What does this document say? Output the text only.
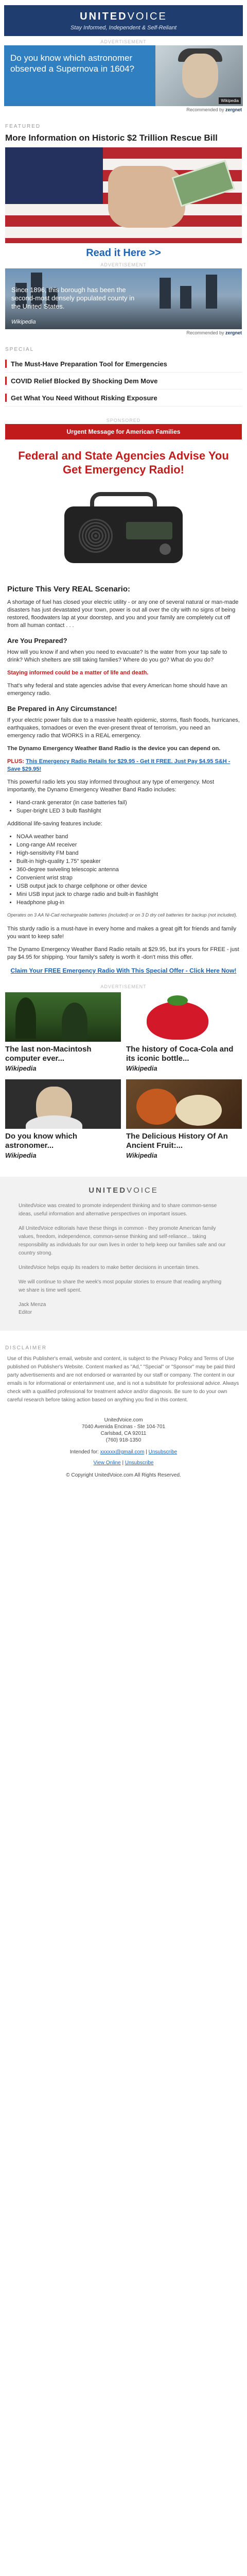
UNITEDVOICE
Stay Informed, Independent & Self-Reliant
ADVERTISEMENT
Do you know which astronomer observed a Supernova in 1604?
Wikipedia
Recommended by zergnet
FEATURED
More Information on Historic $2 Trillion Rescue Bill
Read it Here >>
ADVERTISEMENT
Since 1896, this borough has been the second-most densely populated county in the United States.
Wikipedia
Recommended by zergnet
SPECIAL
The Must-Have Preparation Tool for Emergencies
COVID Relief Blocked By Shocking Dem Move
Get What You Need Without Risking Exposure
SPONSORED
Urgent Message for American Families
Federal and State Agencies Advise You Get Emergency Radio!
Picture This Very REAL Scenario:

A shortage of fuel has closed your electric utility - or any one of several natural or man-made disasters has just devastated your town, power is out all over the city with no signs of being restored, floodwaters lap at your doorstep, and you and your family are completely cut off from all human contact . . .

Are You Prepared?

How will you know if and when you need to evacuate? Is the water from your tap safe to drink? Which shelters are still taking families? Where do you go? What do you do?

Staying informed could be a matter of life and death.

That's why federal and state agencies advise that every American home should have an emergency radio.

Be Prepared in Any Circumstance!

If your electric power fails due to a massive health epidemic, storms, flash floods, hurricanes, earthquakes, tornadoes or even the ever-present threat of terrorism, you need an emergency radio that WORKS in a REAL emergency.

The Dynamo Emergency Weather Band Radio is the device you can depend on.

PLUS: This Emergency Radio Retails for $29.95 - Get It FREE. Just Pay $4.95 S&H - Save $29.95!

This powerful radio lets you stay informed throughout any type of emergency. Most importantly, the Dynamo Emergency Weather Band Radio includes:

• Hand-crank generator (in case batteries fail)
• Super-bright LED 3 bulb flashlight

Additional life-saving features include:

• NOAA weather band
• Long-range AM receiver
• High-sensitivity FM band
• Built-in high-quality 1.75" speaker
• 360-degree swiveling telescopic antenna
• Convenient wrist strap
• USB output jack to charge cellphone or other device
• Mini USB input jack to charge radio and built-in flashlight
• Headphone plug-in

Operates on 3 AA Ni-Cad rechargeable batteries (included) or on 3 D dry cell batteries for backup (not included).

This sturdy radio is a must-have in every home and makes a great gift for friends and family you want to keep safe!

The Dynamo Emergency Weather Band Radio retails at $29.95, but it's yours for FREE - just pay $4.95 for shipping. Your family's safety is worth it -don't miss this offer.

Claim Your FREE Emergency Radio With This Special Offer - Click Here Now!
ADVERTISEMENT
The last non-Macintosh computer ever...
Wikipedia
The history of Coca-Cola and its iconic bottle...
Wikipedia
Do you know which astronomer...
Wikipedia
The Delicious History Of An Ancient Fruit:...
Wikipedia
UNITEDVOICE

UnitedVoice was created to promote independent thinking and to share common-sense ideas, useful information and alternative perspectives on important issues.

All UnitedVoice editorials have these things in common - they promote American family values, freedom, independence, common-sense thinking and self-reliance... taking responsibility as individuals for our own lives in order to help keep our families safe and our country strong.

UnitedVoice helps equip its readers to make better decisions in uncertain times.

We will continue to share the week's most popular stories to ensure that reading anything we share is time well spent.

Jack Menza
Editor

DISCLAIMER

Use of this Publisher's email, website and content, is subject to the Privacy Policy and Terms of Use published on Publisher's Website. Content marked as "Ad," "Special" or "Sponsor" may be paid third party advertisements and are not endorsed or warranted by our staff or company. The content in our emails is for informational or entertainment use, and is not a substitute for professional advice. Always check with a qualified professional for treatment advice and/or diagnosis. Be sure to do your own careful research before taking action based on anything you find in this content.

UnitedVoice.com
7040 Avenida Encinas - Ste 104-701
Carlsbad, CA 92011
(760) 918-1350
Intended for: xxxxxx@gmail.com | Unsubscribe
View Online | Unsubscribe
© Copyright UnitedVoice.com All Rights Reserved.
